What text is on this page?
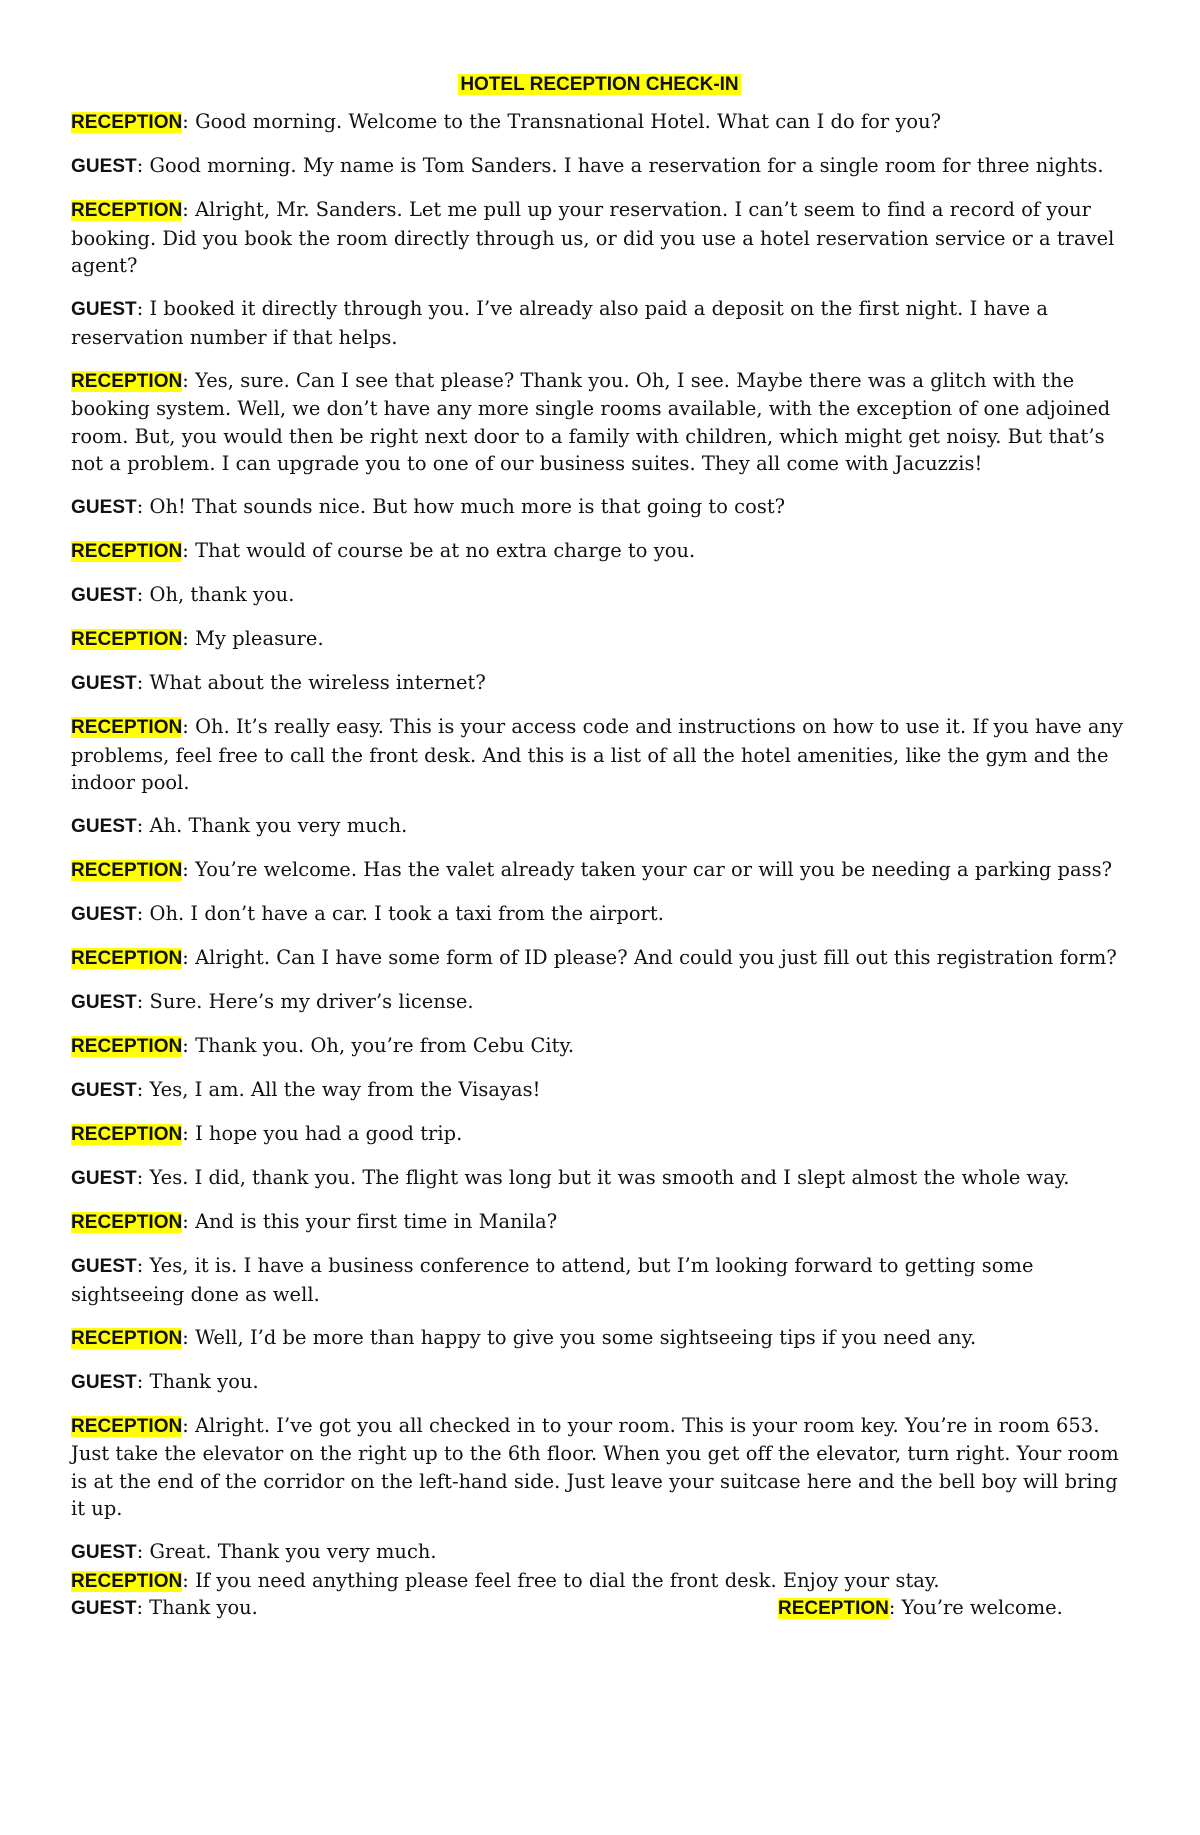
HOTEL RECEPTION CHECK-IN

RECEPTION: Good morning. Welcome to the Transnational Hotel. What can I do for you?

GUEST: Good morning. My name is Tom Sanders. I have a reservation for a single room for three nights.

RECEPTION: Alright, Mr. Sanders. Let me pull up your reservation. I can’t seem to find a record of your booking. Did you book the room directly through us, or did you use a hotel reservation service or a travel agent?

GUEST: I booked it directly through you. I’ve already also paid a deposit on the first night. I have a reservation number if that helps.

RECEPTION: Yes, sure. Can I see that please? Thank you. Oh, I see. Maybe there was a glitch with the booking system. Well, we don’t have any more single rooms available, with the exception of one adjoined room. But, you would then be right next door to a family with children, which might get noisy. But that’s not a problem. I can upgrade you to one of our business suites. They all come with Jacuzzis!

GUEST: Oh! That sounds nice. But how much more is that going to cost?

RECEPTION: That would of course be at no extra charge to you.

GUEST: Oh, thank you.

RECEPTION: My pleasure.

GUEST: What about the wireless internet?

RECEPTION: Oh. It’s really easy. This is your access code and instructions on how to use it. If you have any problems, feel free to call the front desk. And this is a list of all the hotel amenities, like the gym and the indoor pool.

GUEST: Ah. Thank you very much.

RECEPTION: You’re welcome. Has the valet already taken your car or will you be needing a parking pass?

GUEST: Oh. I don’t have a car. I took a taxi from the airport.

RECEPTION: Alright. Can I have some form of ID please? And could you just fill out this registration form?

GUEST: Sure. Here’s my driver’s license.

RECEPTION: Thank you. Oh, you’re from Cebu City.

GUEST: Yes, I am. All the way from the Visayas!

RECEPTION: I hope you had a good trip.

GUEST: Yes. I did, thank you. The flight was long but it was smooth and I slept almost the whole way.

RECEPTION: And is this your first time in Manila?

GUEST: Yes, it is. I have a business conference to attend, but I’m looking forward to getting some sightseeing done as well.

RECEPTION: Well, I’d be more than happy to give you some sightseeing tips if you need any.

GUEST: Thank you.

RECEPTION: Alright. I’ve got you all checked in to your room. This is your room key. You’re in room 653. Just take the elevator on the right up to the 6th floor. When you get off the elevator, turn right. Your room is at the end of the corridor on the left-hand side. Just leave your suitcase here and the bell boy will bring it up.

GUEST: Great. Thank you very much.

RECEPTION: If you need anything please feel free to dial the front desk. Enjoy your stay.

GUEST: Thank you.	RECEPTION: You’re welcome.
